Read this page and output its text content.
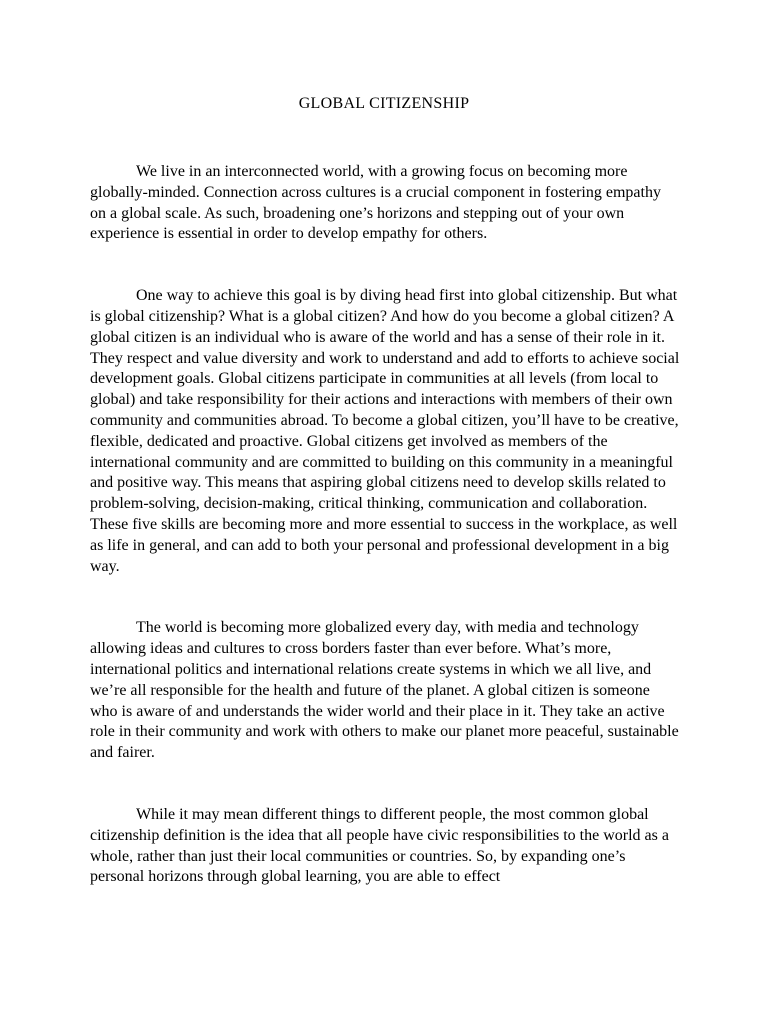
GLOBAL CITIZENSHIP

We live in an interconnected world, with a growing focus on becoming more globally-minded. Connection across cultures is a crucial component in fostering empathy on a global scale. As such, broadening one’s horizons and stepping out of your own experience is essential in order to develop empathy for others.

One way to achieve this goal is by diving head first into global citizenship. But what is global citizenship? What is a global citizen? And how do you become a global citizen? A global citizen is an individual who is aware of the world and has a sense of their role in it. They respect and value diversity and work to understand and add to efforts to achieve social development goals. Global citizens participate in communities at all levels (from local to global) and take responsibility for their actions and interactions with members of their own community and communities abroad. To become a global citizen, you’ll have to be creative, flexible, dedicated and proactive. Global citizens get involved as members of the international community and are committed to building on this community in a meaningful and positive way. This means that aspiring global citizens need to develop skills related to problem-solving, decision-making, critical thinking, communication and collaboration. These five skills are becoming more and more essential to success in the workplace, as well as life in general, and can add to both your personal and professional development in a big way.

The world is becoming more globalized every day, with media and technology allowing ideas and cultures to cross borders faster than ever before. What’s more, international politics and international relations create systems in which we all live, and we’re all responsible for the health and future of the planet. A global citizen is someone who is aware of and understands the wider world and their place in it. They take an active role in their community and work with others to make our planet more peaceful, sustainable and fairer.

While it may mean different things to different people, the most common global citizenship definition is the idea that all people have civic responsibilities to the world as a whole, rather than just their local communities or countries. So, by expanding one’s personal horizons through global learning, you are able to effect
